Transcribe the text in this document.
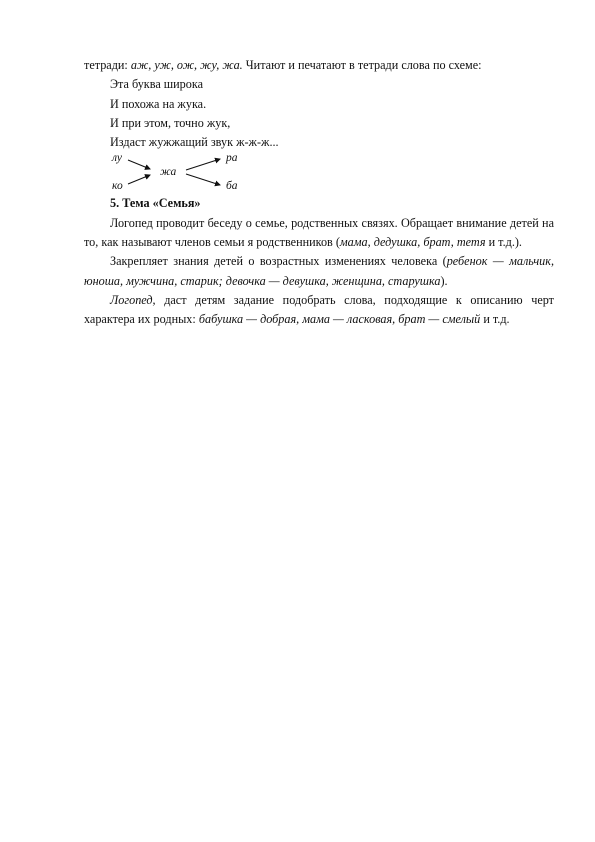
тетради: аж, уж, ож, жу, жа. Читают и печатают в тетради слова по схеме:

Эта буква широка
И похожа на жука.
И при этом, точно жук,
Издаст жужжащий звук ж-ж-ж...
лу
ко
жа
ра
ба
5. Тема «Семья»

Логопед проводит беседу о семье, родственных связях. Обращает внимание детей на то, как называют членов семьи я родственников (мама, дедушка, брат, тетя и т.д.).

Закрепляет знания детей о возрастных изменениях человека (ребенок — мальчик, юноша, мужчина, старик; девочка — девушка, женщина, старушка).

Логопед, даст детям задание подобрать слова, подходящие к описанию черт характера их родных: бабушка — добрая, мама — ласковая, брат — смелый и т.д.
